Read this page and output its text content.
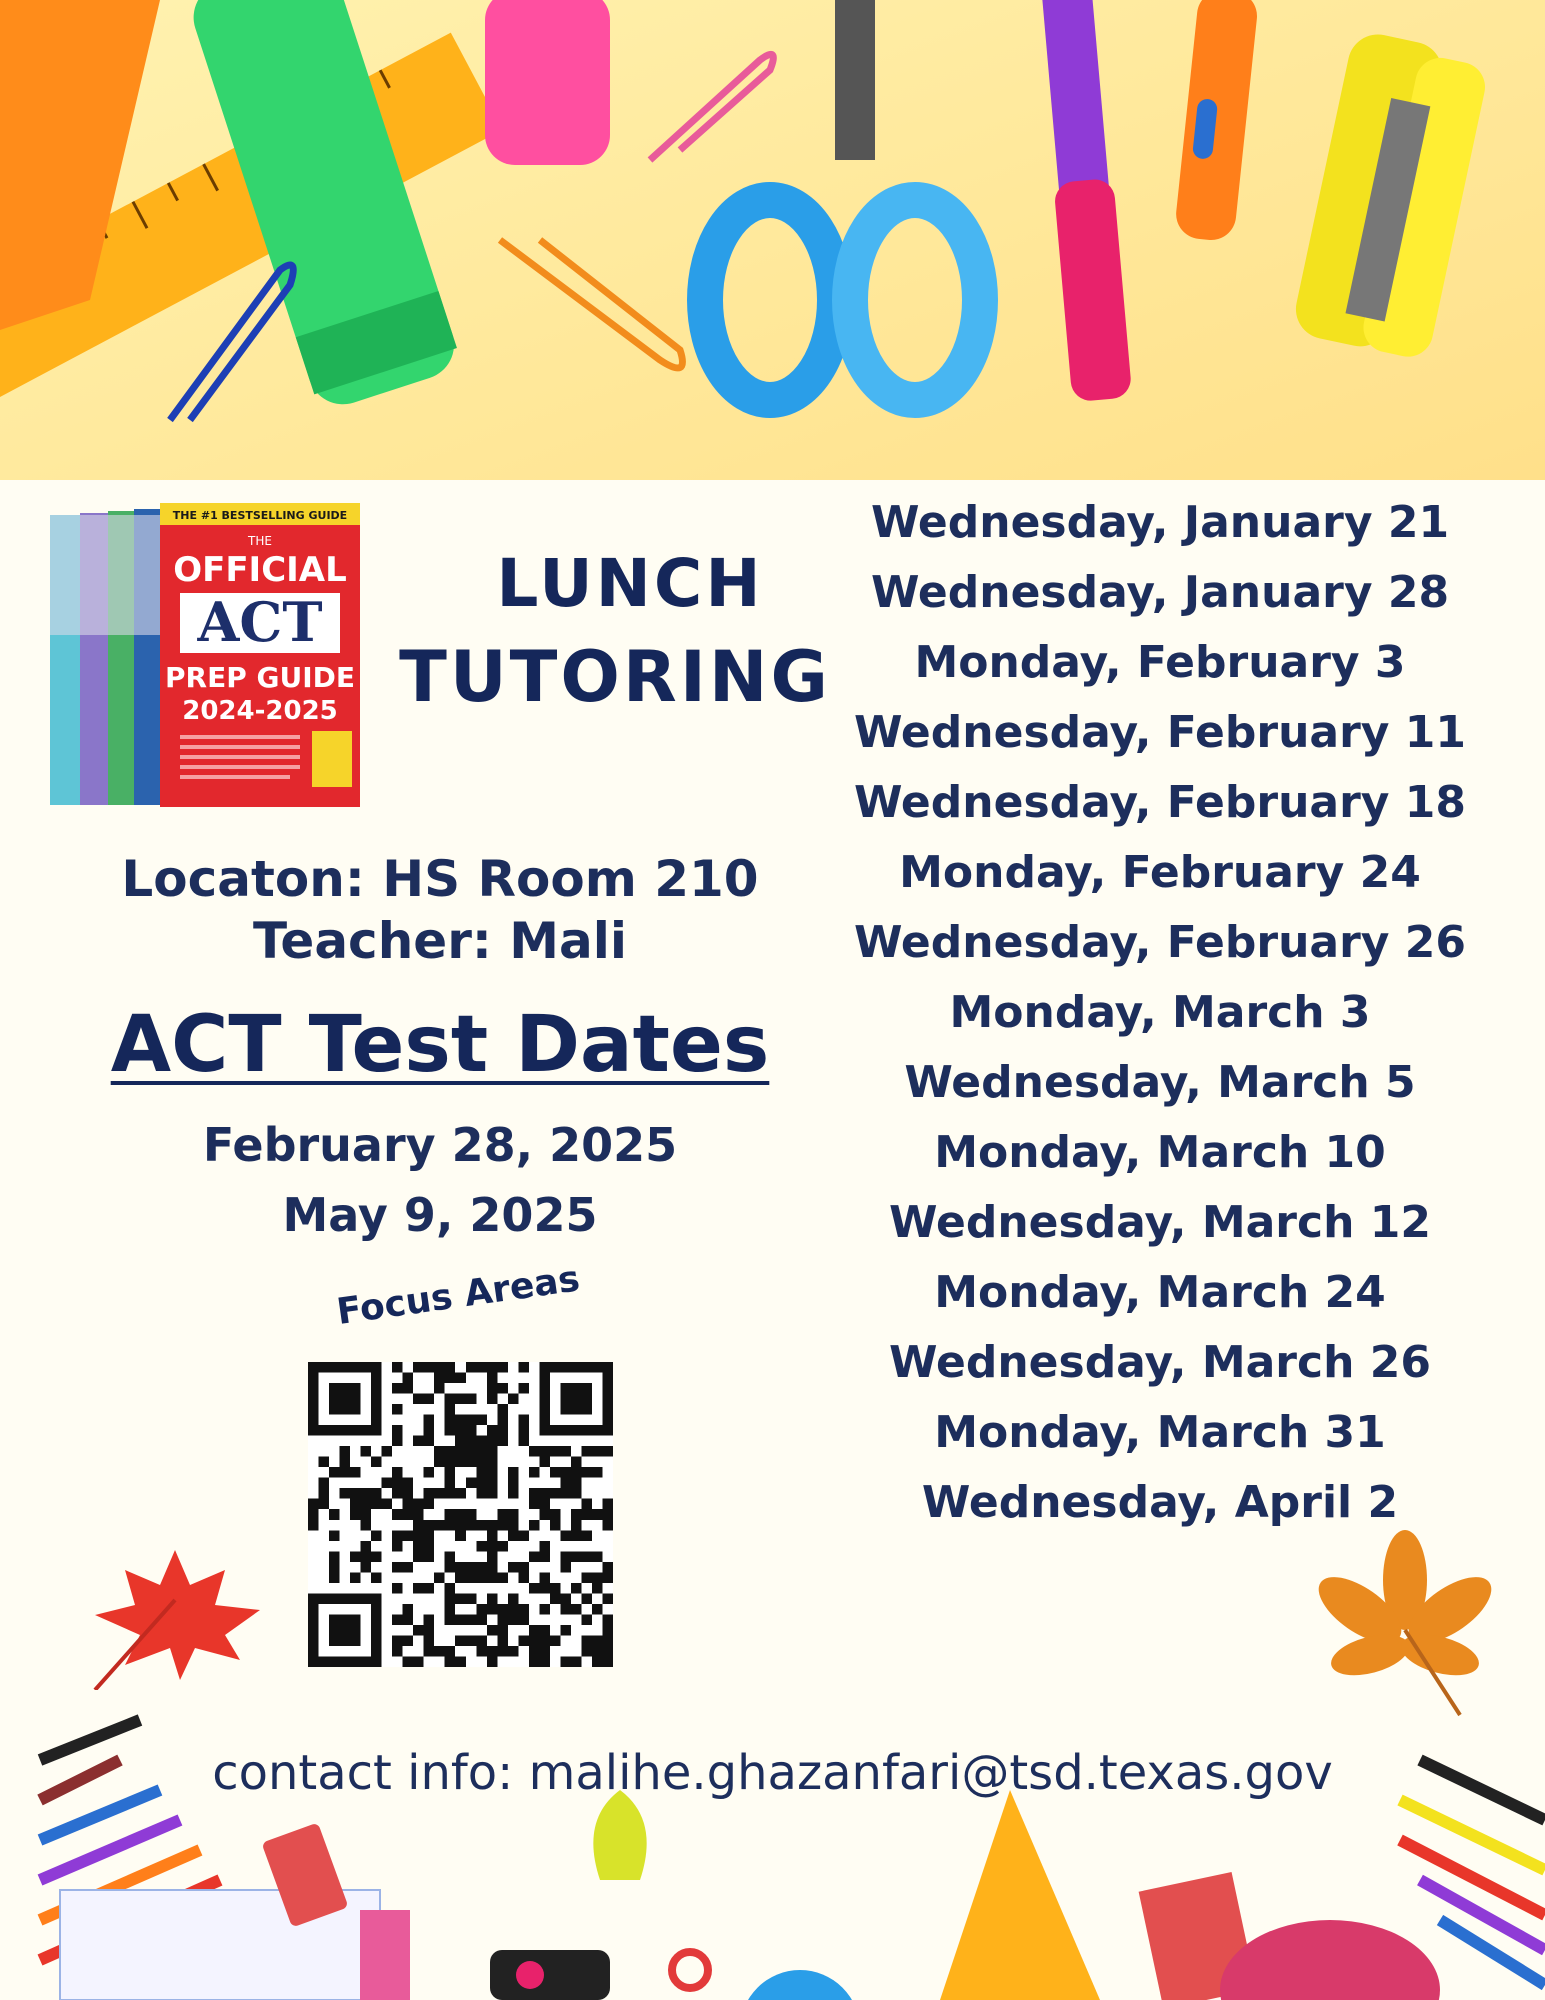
THE #1 BESTSELLING GUIDE
THE
OFFICIAL
ACT
PREP GUIDE
2024-2025
LUNCH
TUTORING
Locaton: HS Room 210
Teacher: Mali
ACT Test Dates
February 28, 2025
May 9, 2025
Focus Areas
Wednesday, January 21
Wednesday, January 28
Monday, February 3
Wednesday, February 11
Wednesday, February 18
Monday, February 24
Wednesday, February 26
Monday, March 3
Wednesday, March 5
Monday, March 10
Wednesday, March 12
Monday, March 24
Wednesday, March 26
Monday, March 31
Wednesday, April 2
contact info: malihe.ghazanfari@tsd.texas.gov
